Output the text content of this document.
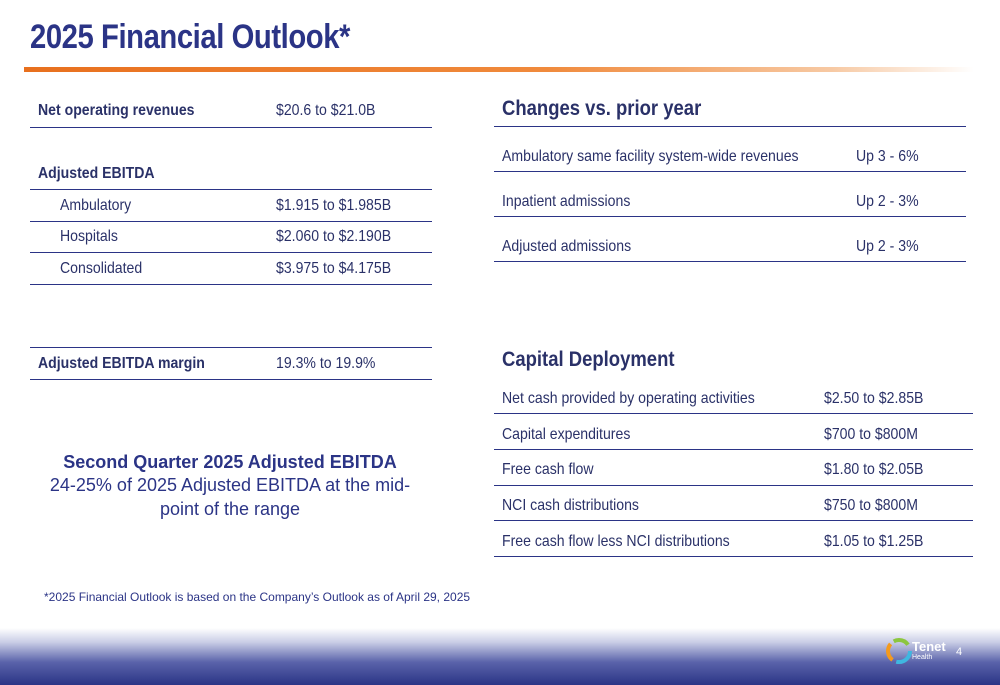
2025 Financial Outlook*
Net operating revenues	$20.6 to $21.0B
Adjusted EBITDA
Ambulatory	$1.915 to $1.985B
Hospitals	$2.060 to $2.190B
Consolidated	$3.975 to $4.175B
Adjusted EBITDA margin	19.3% to 19.9%
Second Quarter 2025 Adjusted EBITDA
24-25% of 2025 Adjusted EBITDA at the mid-
point of the range
*2025 Financial Outlook is based on the Company’s Outlook as of April 29, 2025
Changes vs. prior year
Ambulatory same facility system-wide revenues	Up 3 - 6%
Inpatient admissions	Up 2 - 3%
Adjusted admissions	Up 2 - 3%
Capital Deployment
Net cash provided by operating activities	$2.50 to $2.85B
Capital expenditures	$700 to $800M
Free cash flow	$1.80 to $2.05B
NCI cash distributions	$750 to $800M
Free cash flow less NCI distributions	$1.05 to $1.25B
Tenet
Health 4
